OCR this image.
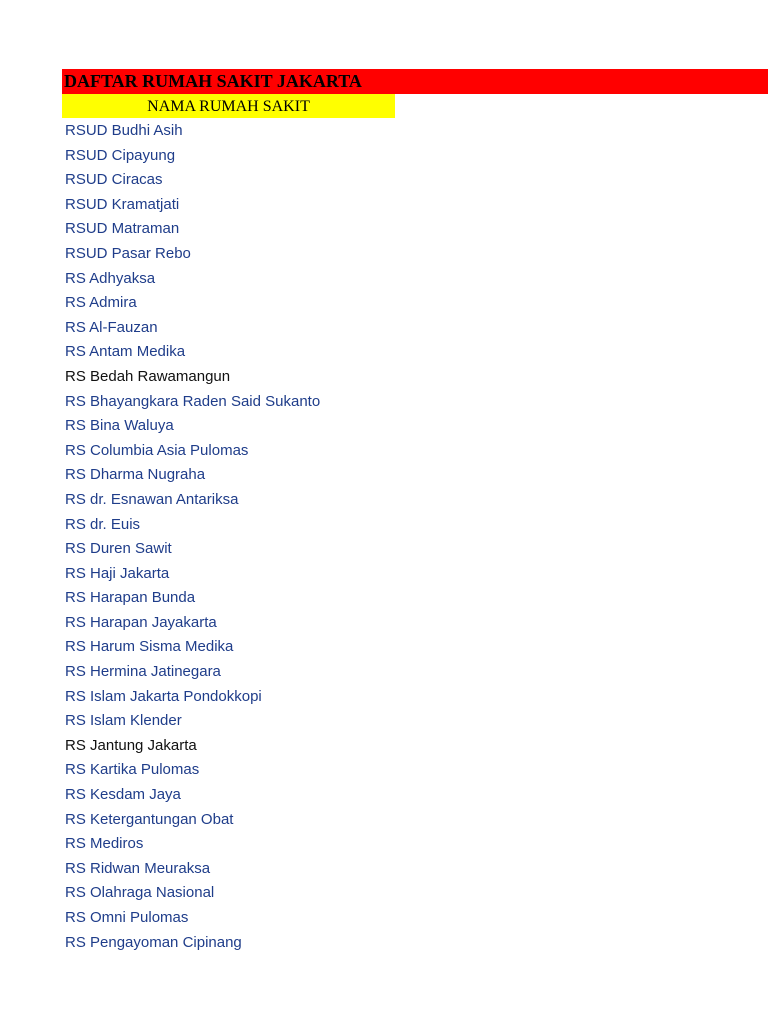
DAFTAR RUMAH SAKIT JAKARTA
NAMA RUMAH SAKIT
RSUD Budhi Asih
RSUD Cipayung
RSUD Ciracas
RSUD Kramatjati
RSUD Matraman
RSUD Pasar Rebo
RS Adhyaksa
RS Admira
RS Al-Fauzan
RS Antam Medika
RS Bedah Rawamangun
RS Bhayangkara Raden Said Sukanto
RS Bina Waluya
RS Columbia Asia Pulomas
RS Dharma Nugraha
RS dr. Esnawan Antariksa
RS dr. Euis
RS Duren Sawit
RS Haji Jakarta
RS Harapan Bunda
RS Harapan Jayakarta
RS Harum Sisma Medika
RS Hermina Jatinegara
RS Islam Jakarta Pondokkopi
RS Islam Klender
RS Jantung Jakarta
RS Kartika Pulomas
RS Kesdam Jaya
RS Ketergantungan Obat
RS Mediros
RS Ridwan Meuraksa
RS Olahraga Nasional
RS Omni Pulomas
RS Pengayoman Cipinang
